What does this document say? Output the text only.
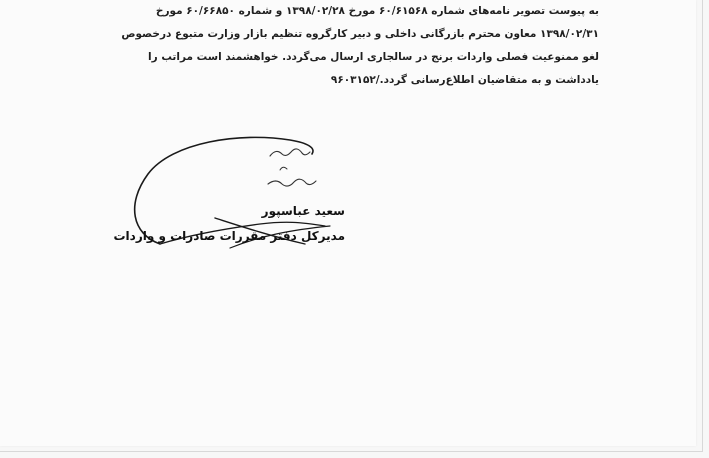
به پیوست تصویر نامه‌های شماره ۶۰/۶۱۵۶۸ مورخ ۱۳۹۸/۰۲/۲۸ و شماره ۶۰/۶۶۸۵۰ مورخ
۱۳۹۸/۰۲/۳۱ معاون محترم بازرگانی داخلی و دبیر کارگروه تنظیم بازار وزارت متبوع درخصوص
لغو ممنوعیت فصلی واردات برنج در سالجاری ارسال می‌گردد. خواهشمند است مراتب را
یادداشت و به متقاضیان اطلاع‌رسانی گردد./۹۶۰۳۱۵۲
سعید عباسپور
مدیرکل دفتر مقررات صادرات و واردات
